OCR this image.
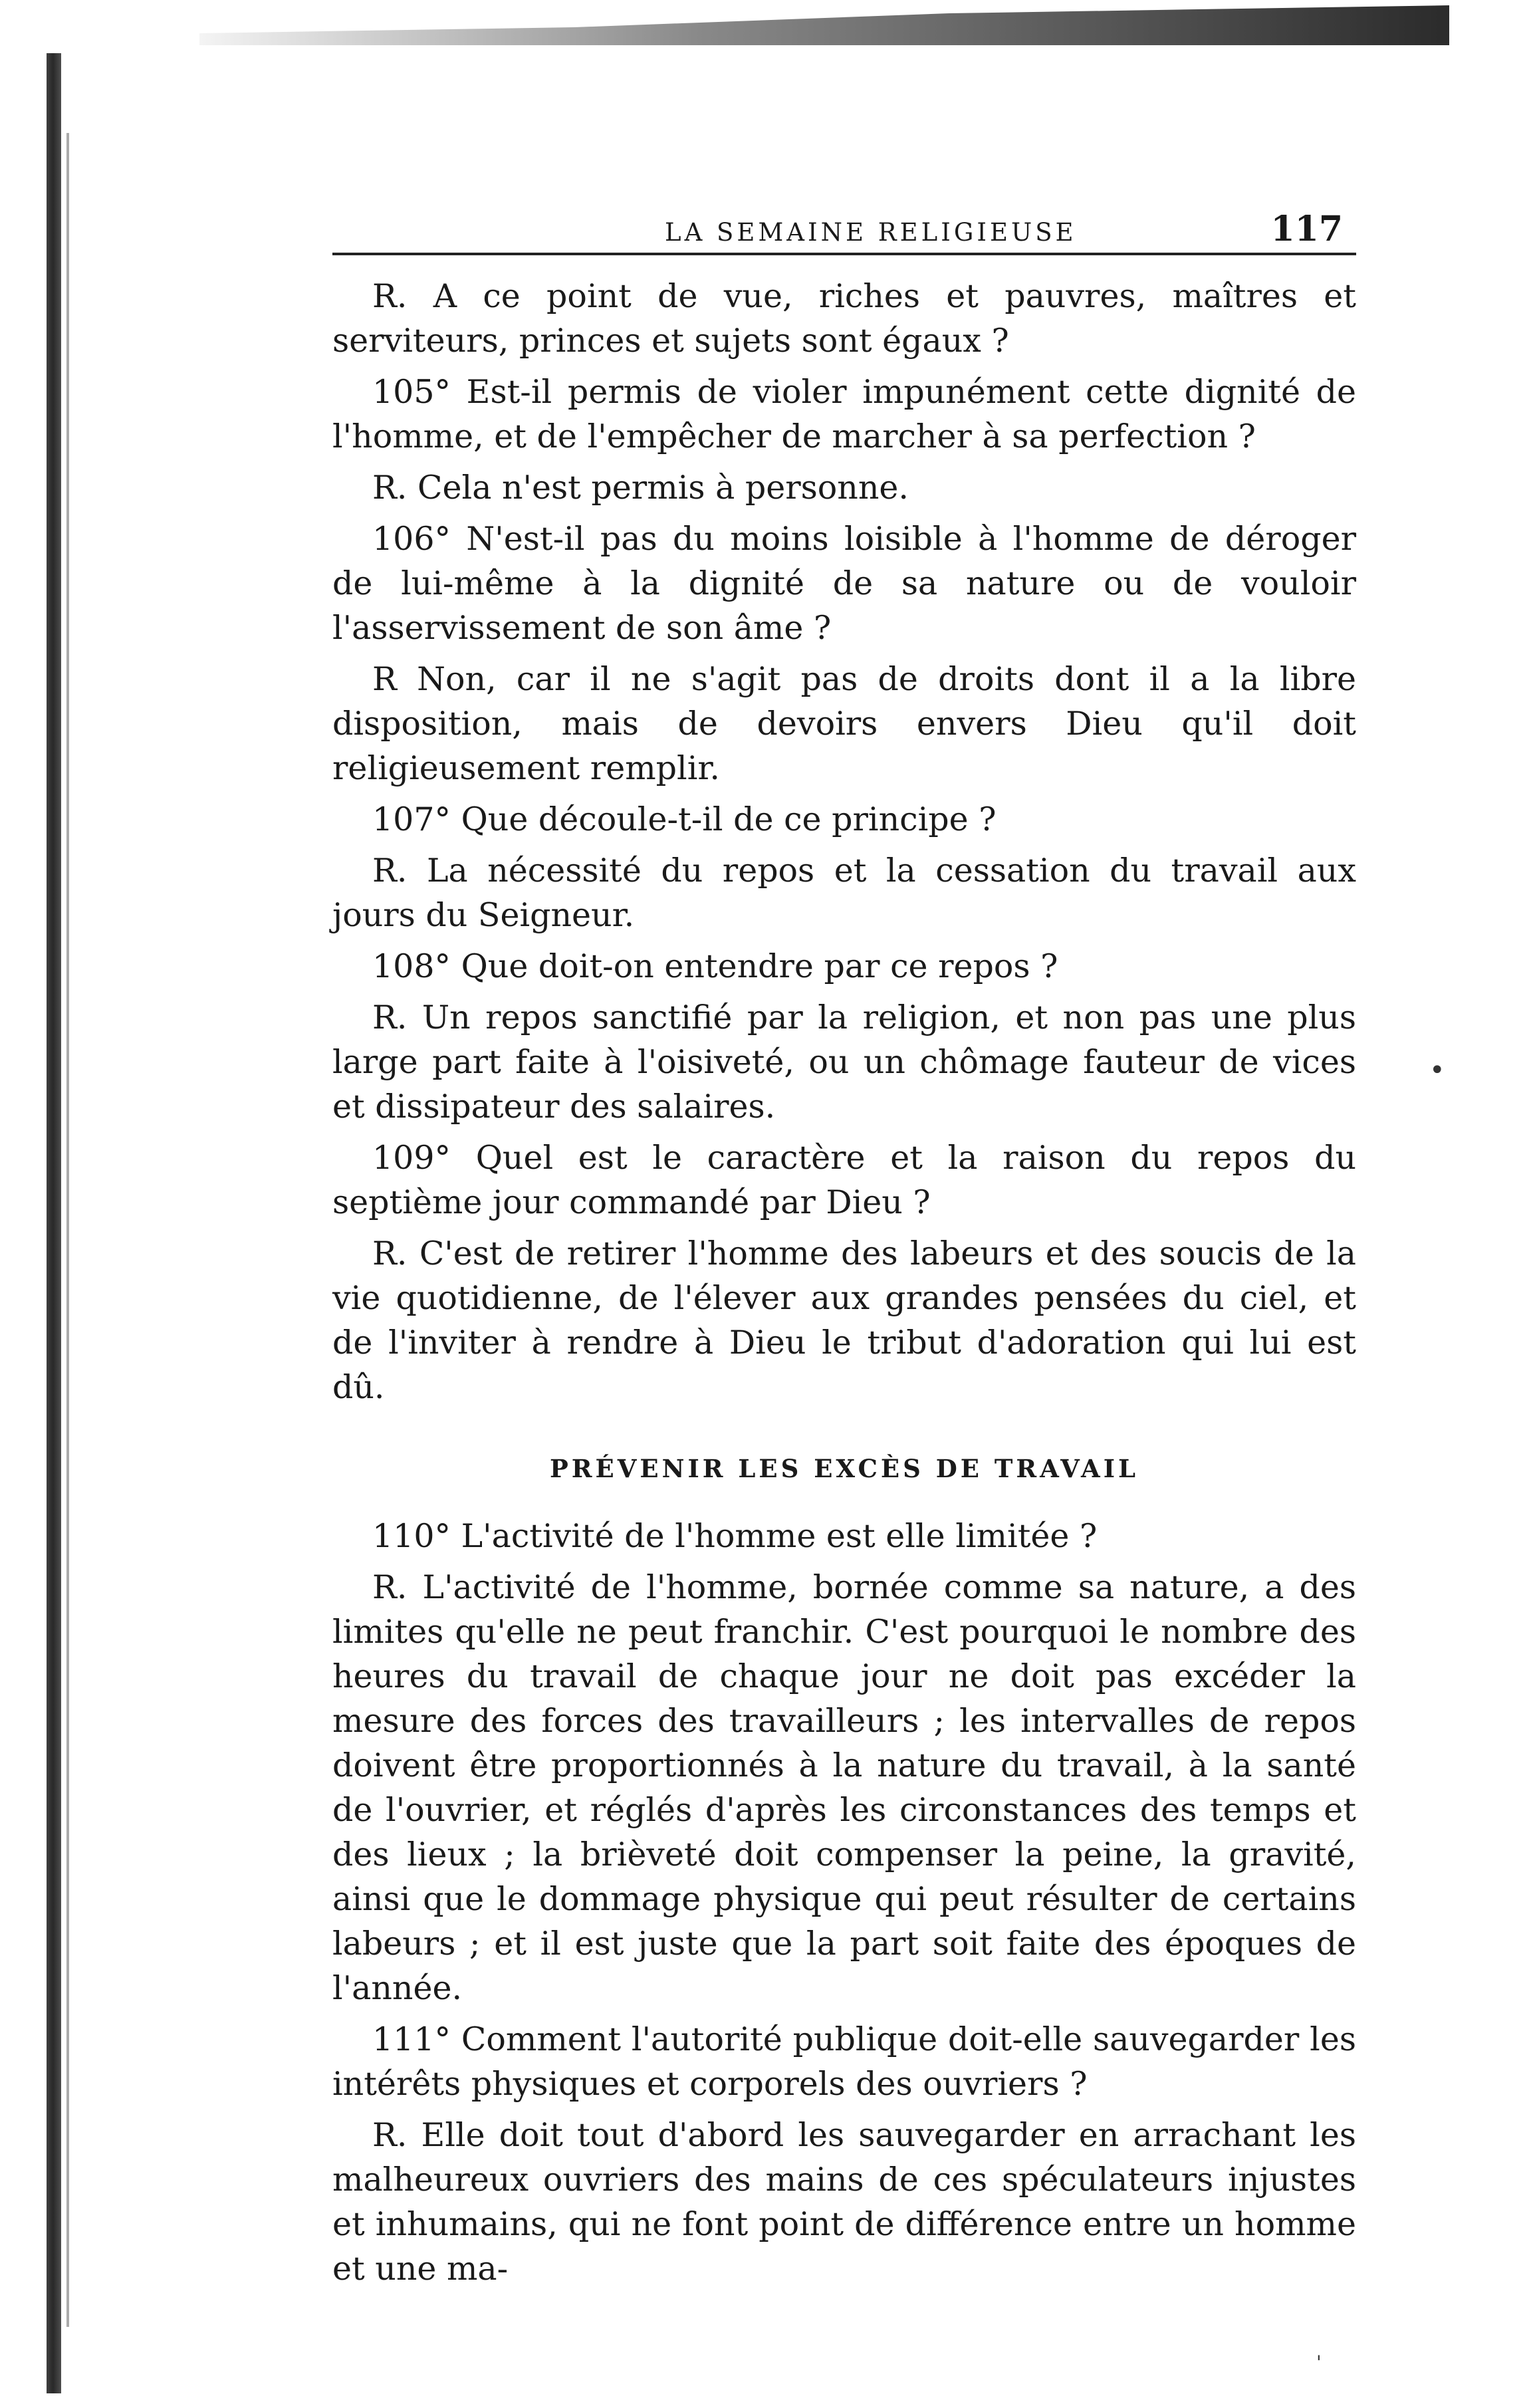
•
'
LA SEMAINE RELIGIEUSE	117

R. A ce point de vue, riches et pauvres, maîtres et serviteurs, princes et sujets sont égaux ?

105° Est-il permis de violer impunément cette dignité de l'homme, et de l'empêcher de marcher à sa perfection ?

R. Cela n'est permis à personne.

106° N'est-il pas du moins loisible à l'homme de déroger de lui-même à la dignité de sa nature ou de vouloir l'asservissement de son âme ?

R Non, car il ne s'agit pas de droits dont il a la libre disposition, mais de devoirs envers Dieu qu'il doit religieusement remplir.

107° Que découle-t-il de ce principe ?

R. La nécessité du repos et la cessation du travail aux jours du Seigneur.

108° Que doit-on entendre par ce repos ?

R. Un repos sanctifié par la religion, et non pas une plus large part faite à l'oisiveté, ou un chômage fauteur de vices et dissipateur des salaires.

109° Quel est le caractère et la raison du repos du septième jour commandé par Dieu ?

R. C'est de retirer l'homme des labeurs et des soucis de la vie quotidienne, de l'élever aux grandes pensées du ciel, et de l'inviter à rendre à Dieu le tribut d'adoration qui lui est dû.

PRÉVENIR LES EXCÈS DE TRAVAIL

110° L'activité de l'homme est elle limitée ?

R. L'activité de l'homme, bornée comme sa nature, a des limites qu'elle ne peut franchir. C'est pourquoi le nombre des heures du travail de chaque jour ne doit pas excéder la mesure des forces des travailleurs ; les intervalles de repos doivent être proportionnés à la nature du travail, à la santé de l'ouvrier, et réglés d'après les circonstances des temps et des lieux ; la brièveté doit compenser la peine, la gravité, ainsi que le dommage physique qui peut résulter de certains labeurs ; et il est juste que la part soit faite des époques de l'année.

111° Comment l'autorité publique doit-elle sauvegarder les intérêts physiques et corporels des ouvriers ?

R. Elle doit tout d'abord les sauvegarder en arrachant les malheureux ouvriers des mains de ces spéculateurs injustes et inhumains, qui ne font point de différence entre un homme et une ma-
